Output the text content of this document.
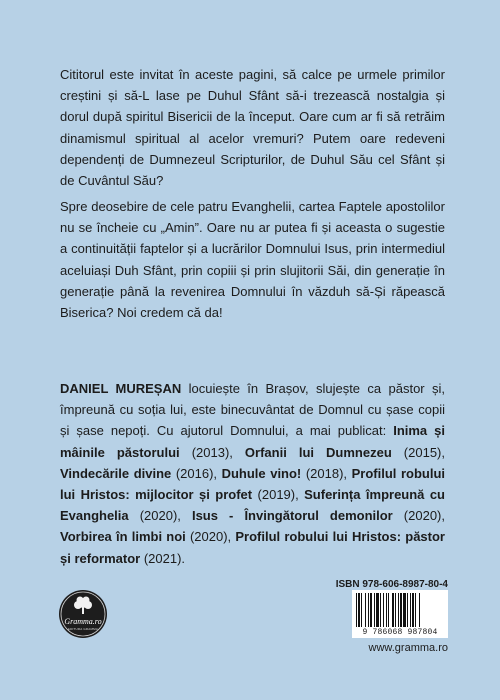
Cititorul este invitat în aceste pagini, să calce pe urmele primilor creștini și să-L lase pe Duhul Sfânt să-i trezească nostalgia și dorul după spiritul Bisericii de la început. Oare cum ar fi să retrăim dinamismul spiritual al acelor vremuri? Putem oare redeveni dependenți de Dumnezeul Scripturilor, de Duhul Său cel Sfânt și de Cuvântul Său?

Spre deosebire de cele patru Evanghelii, cartea Faptele apostolilor nu se încheie cu „Amin”. Oare nu ar putea fi și aceasta o sugestie a continuității faptelor și a lucrărilor Domnului Isus, prin intermediul aceluiași Duh Sfânt, prin copiii și prin slujitorii Săi, din generație în generație până la revenirea Domnului în văzduh să-Și răpească Biserica? Noi credem că da!

DANIEL MUREȘAN locuiește în Brașov, slujește ca păstor și, împreună cu soția lui, este binecuvântat de Domnul cu șase copii și șase nepoți. Cu ajutorul Domnului, a mai publicat: Inima și mâinile păstorului (2013), Orfanii lui Dumnezeu (2015), Vindecările divine (2016), Duhule vino! (2018), Profilul robului lui Hristos: mijlocitor și profet (2019), Suferința împreună cu Evanghelia (2020), Isus - Învingătorul demonilor (2020), Vorbirea în limbi noi (2020), Profilul robului lui Hristos: păstor și reformator (2021).

Gramma.ro
EDITURA GRAMMA
ISBN 978-606-8987-80-4
9 786068 987804
www.gramma.ro
